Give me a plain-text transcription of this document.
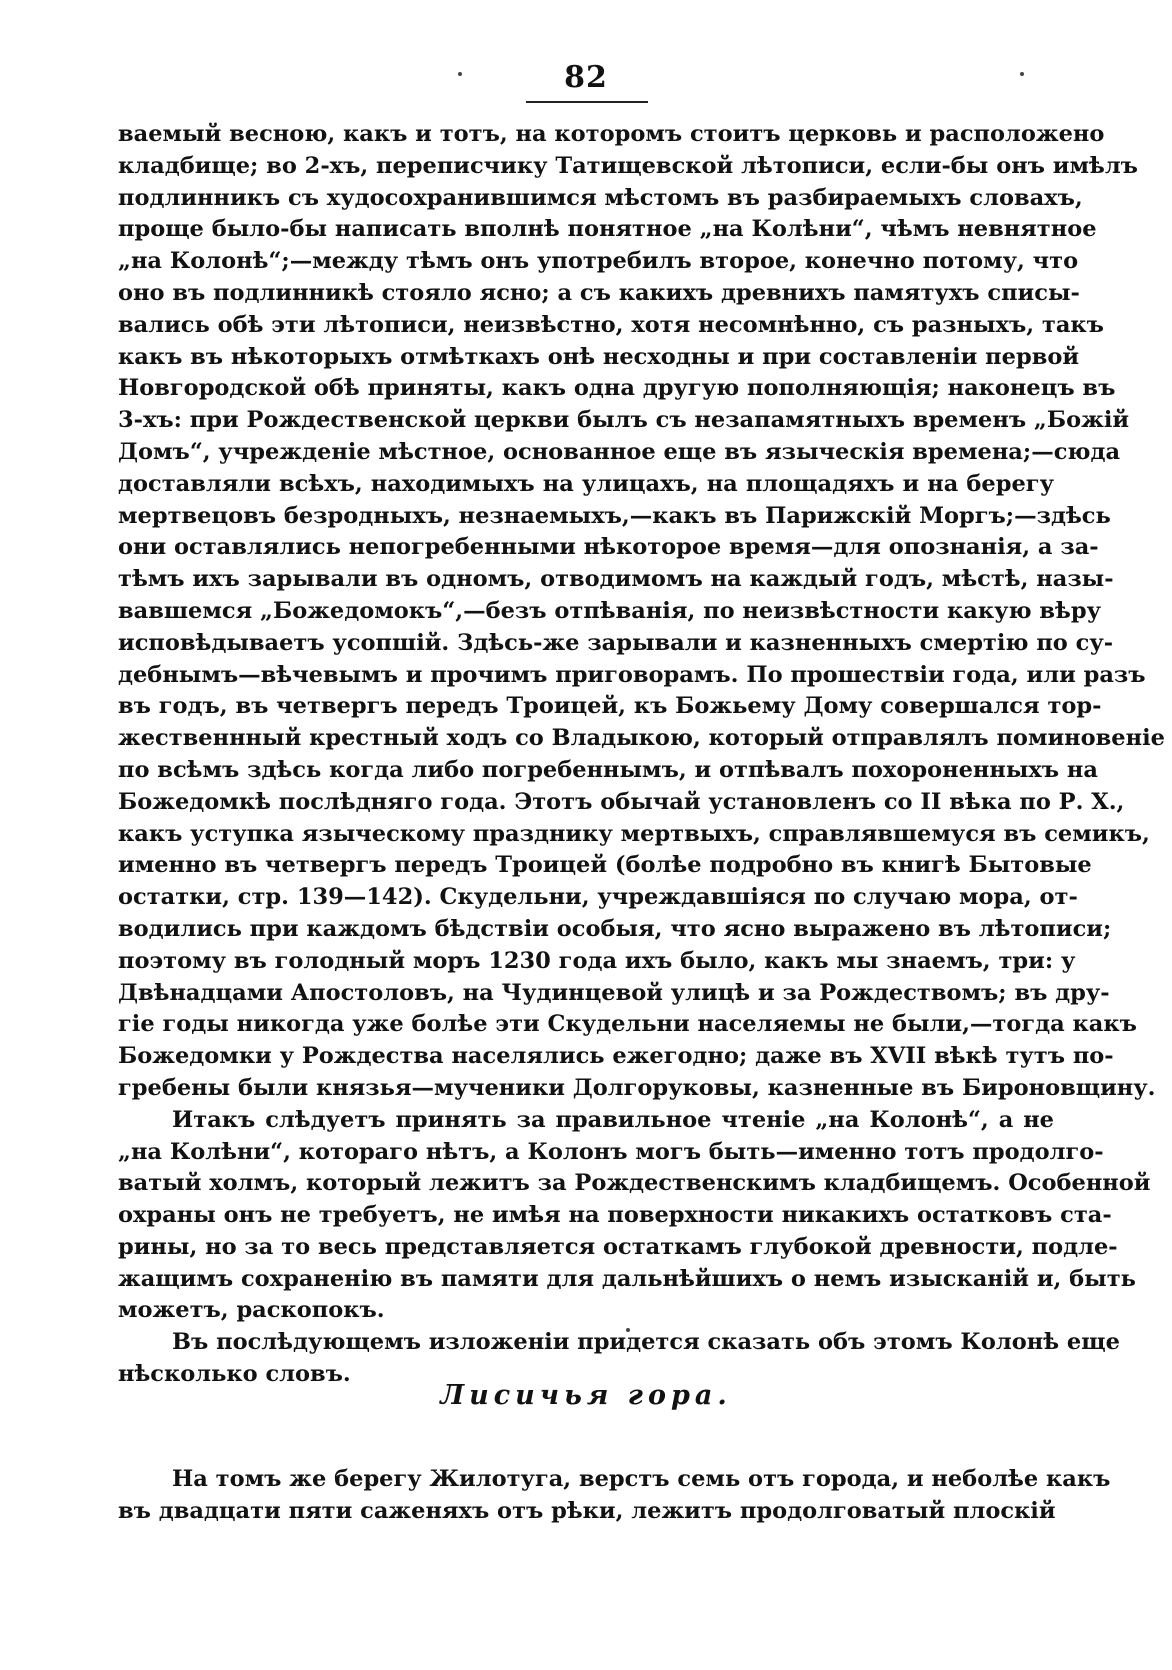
82
ваемый весною, какъ и тотъ, на которомъ стоитъ церковь и расположено
кладбище; во 2-хъ, переписчику Татищевской лѣтописи, если-бы онъ имѣлъ
подлинникъ съ худосохранившимся мѣстомъ въ разбираемыхъ словахъ,
проще было-бы написать вполнѣ понятное „на Колѣни“, чѣмъ невнятное
„на Колонѣ“;—между тѣмъ онъ употребилъ второе, конечно потому, что
оно въ подлинникѣ стояло ясно; а съ какихъ древнихъ памятухъ списы-
вались обѣ эти лѣтописи, неизвѣстно, хотя несомнѣнно, съ разныхъ, такъ
какъ въ нѣкоторыхъ отмѣткахъ онѣ несходны и при составленіи первой
Новгородской обѣ приняты, какъ одна другую пополняющія; наконецъ въ
3-хъ: при Рождественской церкви былъ съ незапамятныхъ временъ „Божій
Домъ“, учрежденіе мѣстное, основанное еще въ языческія времена;—сюда
доставляли всѣхъ, находимыхъ на улицахъ, на площадяхъ и на берегу
мертвецовъ безродныхъ, незнаемыхъ,—какъ въ Парижскій Моргъ;—здѣсь
они оставлялись непогребенными нѣкоторое время—для опознанія, а за-
тѣмъ ихъ зарывали въ одномъ, отводимомъ на каждый годъ, мѣстѣ, назы-
вавшемся „Божедомокъ“,—безъ отпѣванія, по неизвѣстности какую вѣру
исповѣдываетъ усопшій. Здѣсь-же зарывали и казненныхъ смертію по су-
дебнымъ—вѣчевымъ и прочимъ приговорамъ. По прошествіи года, или разъ
въ годъ, въ четвергъ передъ Троицей, къ Божьему Дому совершался тор-
жественнный крестный ходъ со Владыкою, который отправлялъ поминовеніе
по всѣмъ здѣсь когда либо погребеннымъ, и отпѣвалъ похороненныхъ на
Божедомкѣ послѣдняго года. Этотъ обычай установленъ со II вѣка по Р. Х.,
какъ уступка языческому празднику мертвыхъ, справлявшемуся въ семикъ,
именно въ четвергъ передъ Троицей (болѣе подробно въ книгѣ Бытовые
остатки, стр. 139—142). Скудельни, учреждавшіяся по случаю мора, от-
водились при каждомъ бѣдствіи особыя, что ясно выражено въ лѣтописи;
поэтому въ голодный моръ 1230 года ихъ было, какъ мы знаемъ, три: у
Двѣнадцами Апостоловъ, на Чудинцевой улицѣ и за Рождествомъ; въ дру-
гіе годы никогда уже болѣе эти Скудельни населяемы не были,—тогда какъ
Божедомки у Рождества населялись ежегодно; даже въ XVII вѣкѣ тутъ по-
гребены были князья—мученики Долгоруковы, казненные въ Бироновщину.
Итакъ слѣдуетъ принять за правильное чтеніе „на Колонѣ“, а не
„на Колѣни“, котораго нѣтъ, а Колонъ могъ быть—именно тотъ продолго-
ватый холмъ, который лежитъ за Рождественскимъ кладбищемъ. Особенной
охраны онъ не требуетъ, не имѣя на поверхности никакихъ остатковъ ста-
рины, но за то весь представляется остаткамъ глубокой древности, подле-
жащимъ сохраненію въ памяти для дальнѣйшихъ о немъ изысканій и, быть
можетъ, раскопокъ.
Въ послѣдующемъ изложеніи придется сказать объ этомъ Колонѣ еще
нѣсколько словъ.
Лисичья гора.
На томъ же берегу Жилотуга, верстъ семь отъ города, и неболѣе какъ
въ двадцати пяти саженяхъ отъ рѣки, лежитъ продолговатый плоскій
